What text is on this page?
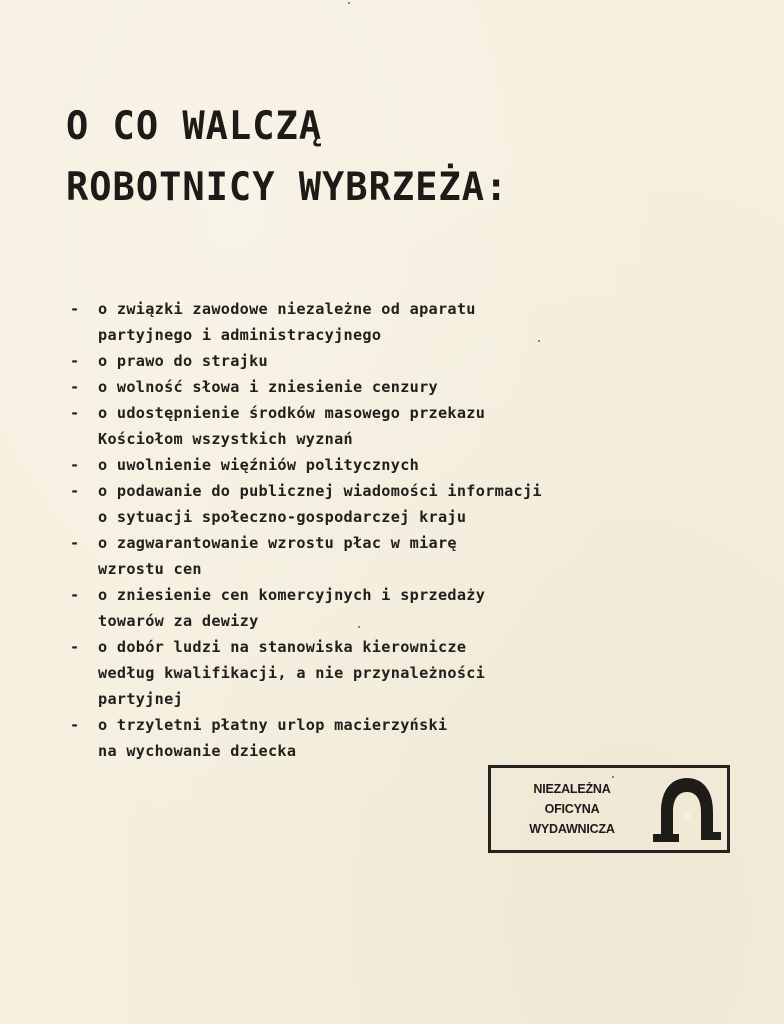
O CO WALCZĄ
ROBOTNICY WYBRZEŻA:
- o związki zawodowe niezależne od aparatu
partyjnego i administracyjnego
- o prawo do strajku
- o wolność słowa i zniesienie cenzury
- o udostępnienie środków masowego przekazu
Kościołom wszystkich wyznań
- o uwolnienie więźniów politycznych
- o podawanie do publicznej wiadomości informacji
o sytuacji społeczno-gospodarczej kraju
- o zagwarantowanie wzrostu płac w miarę
wzrostu cen
- o zniesienie cen komercyjnych i sprzedaży
towarów za dewizy
- o dobór ludzi na stanowiska kierownicze
według kwalifikacji, a nie przynależności
partyjnej
- o trzyletni płatny urlop macierzyński
na wychowanie dziecka
NIEZALEŻNA
OFICYNA
WYDAWNICZA
